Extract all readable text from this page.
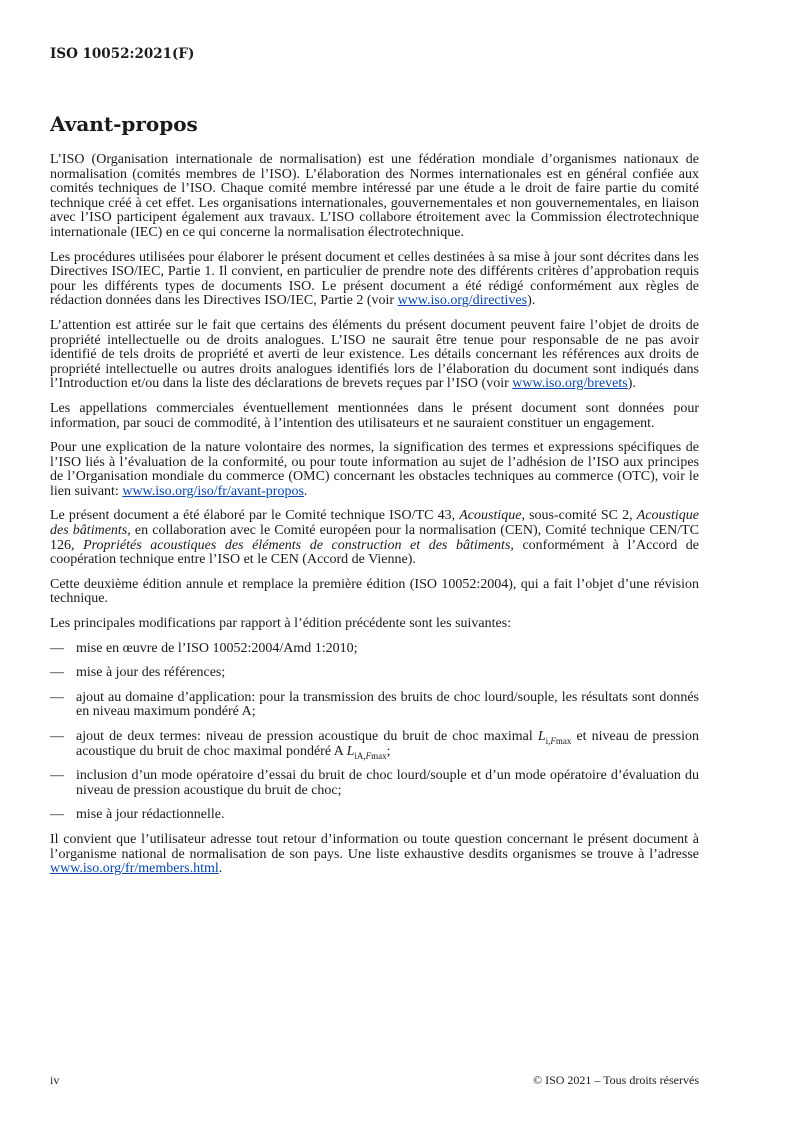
ISO 10052:2021(F)
Avant-propos

L’ISO (Organisation internationale de normalisation) est une fédération mondiale d’organismes nationaux de normalisation (comités membres de l’ISO). L’élaboration des Normes internationales est en général confiée aux comités techniques de l’ISO. Chaque comité membre intéressé par une étude a le droit de faire partie du comité technique créé à cet effet. Les organisations internationales, gouvernementales et non gouvernementales, en liaison avec l’ISO participent également aux travaux. L’ISO collabore étroitement avec la Commission électrotechnique internationale (IEC) en ce qui concerne la normalisation électrotechnique.

Les procédures utilisées pour élaborer le présent document et celles destinées à sa mise à jour sont décrites dans les Directives ISO/IEC, Partie 1. Il convient, en particulier de prendre note des différents critères d’approbation requis pour les différents types de documents ISO. Le présent document a été rédigé conformément aux règles de rédaction données dans les Directives ISO/IEC, Partie 2 (voir www.iso.org/directives).

L’attention est attirée sur le fait que certains des éléments du présent document peuvent faire l’objet de droits de propriété intellectuelle ou de droits analogues. L’ISO ne saurait être tenue pour responsable de ne pas avoir identifié de tels droits de propriété et averti de leur existence. Les détails concernant les références aux droits de propriété intellectuelle ou autres droits analogues identifiés lors de l’élaboration du document sont indiqués dans l’Introduction et/ou dans la liste des déclarations de brevets reçues par l’ISO (voir www.iso.org/brevets).

Les appellations commerciales éventuellement mentionnées dans le présent document sont données pour information, par souci de commodité, à l’intention des utilisateurs et ne sauraient constituer un engagement.

Pour une explication de la nature volontaire des normes, la signification des termes et expressions spécifiques de l’ISO liés à l’évaluation de la conformité, ou pour toute information au sujet de l’adhésion de l’ISO aux principes de l’Organisation mondiale du commerce (OMC) concernant les obstacles techniques au commerce (OTC), voir le lien suivant: www.iso.org/iso/fr/avant-propos.

Le présent document a été élaboré par le Comité technique ISO/TC 43, Acoustique, sous-comité SC 2, Acoustique des bâtiments, en collaboration avec le Comité européen pour la normalisation (CEN), Comité technique CEN/TC 126, Propriétés acoustiques des éléments de construction et des bâtiments, conformément à l’Accord de coopération technique entre l’ISO et le CEN (Accord de Vienne).

Cette deuxième édition annule et remplace la première édition (ISO 10052:2004), qui a fait l’objet d’une révision technique.

Les principales modifications par rapport à l’édition précédente sont les suivantes:

— mise en œuvre de l’ISO 10052:2004/Amd 1:2010;
— mise à jour des références;
— ajout au domaine d’application: pour la transmission des bruits de choc lourd/souple, les résultats sont donnés en niveau maximum pondéré A;
— ajout de deux termes: niveau de pression acoustique du bruit de choc maximal $L_{i,Fmax}$ et niveau de pression acoustique du bruit de choc maximal pondéré A $L_{iA,Fmax}$;
— inclusion d’un mode opératoire d’essai du bruit de choc lourd/souple et d’un mode opératoire d’évaluation du niveau de pression acoustique du bruit de choc;
— mise à jour rédactionnelle.

Il convient que l’utilisateur adresse tout retour d’information ou toute question concernant le présent document à l’organisme national de normalisation de son pays. Une liste exhaustive desdits organismes se trouve à l’adresse www.iso.org/fr/members.html.

iv	© ISO 2021 – Tous droits réservés
